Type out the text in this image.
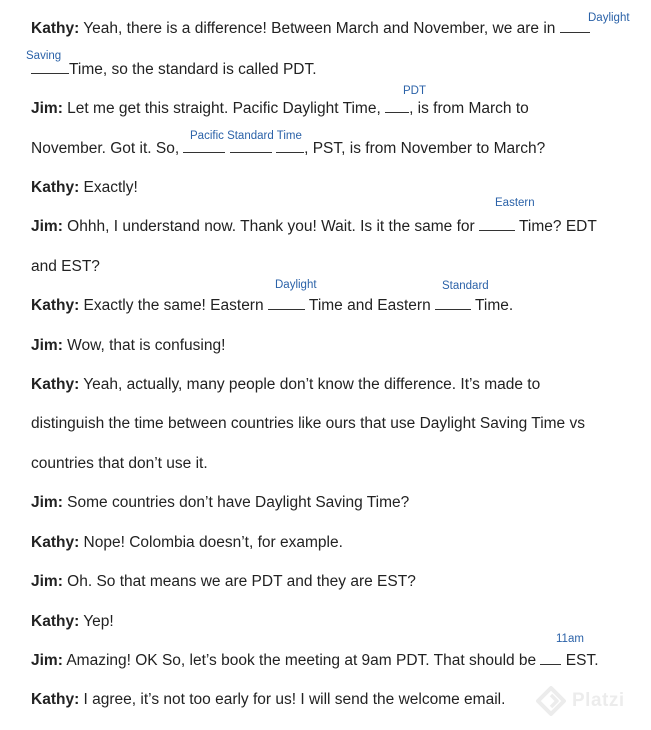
Kathy: Yeah, there is a difference! Between March and November, we are in

Daylight

Time, so the standard is called PDT.

Saving

Jim: Let me get this straight. Pacific Daylight Time, , is from March to

PDT

November. Got it. So,	, PST, is from November to March?

Pacific Standard Time

Kathy: Exactly!

Jim: Ohhh, I understand now. Thank you! Wait. Is it the same for  Time? EDT

Eastern

and EST?

Kathy: Exactly the same! Eastern  Time and Eastern  Time.

Daylight	Standard

Jim: Wow, that is confusing!

Kathy: Yeah, actually, many people don’t know the difference. It’s made to

distinguish the time between countries like ours that use Daylight Saving Time vs

countries that don’t use it.

Jim: Some countries don’t have Daylight Saving Time?

Kathy: Nope! Colombia doesn’t, for example.

Jim: Oh. So that means we are PDT and they are EST?

Kathy: Yep!

Jim: Amazing! OK So, let’s book the meeting at 9am PDT. That should be  EST.

11am

Kathy: I agree, it’s not too early for us! I will send the welcome email.	Platzi
